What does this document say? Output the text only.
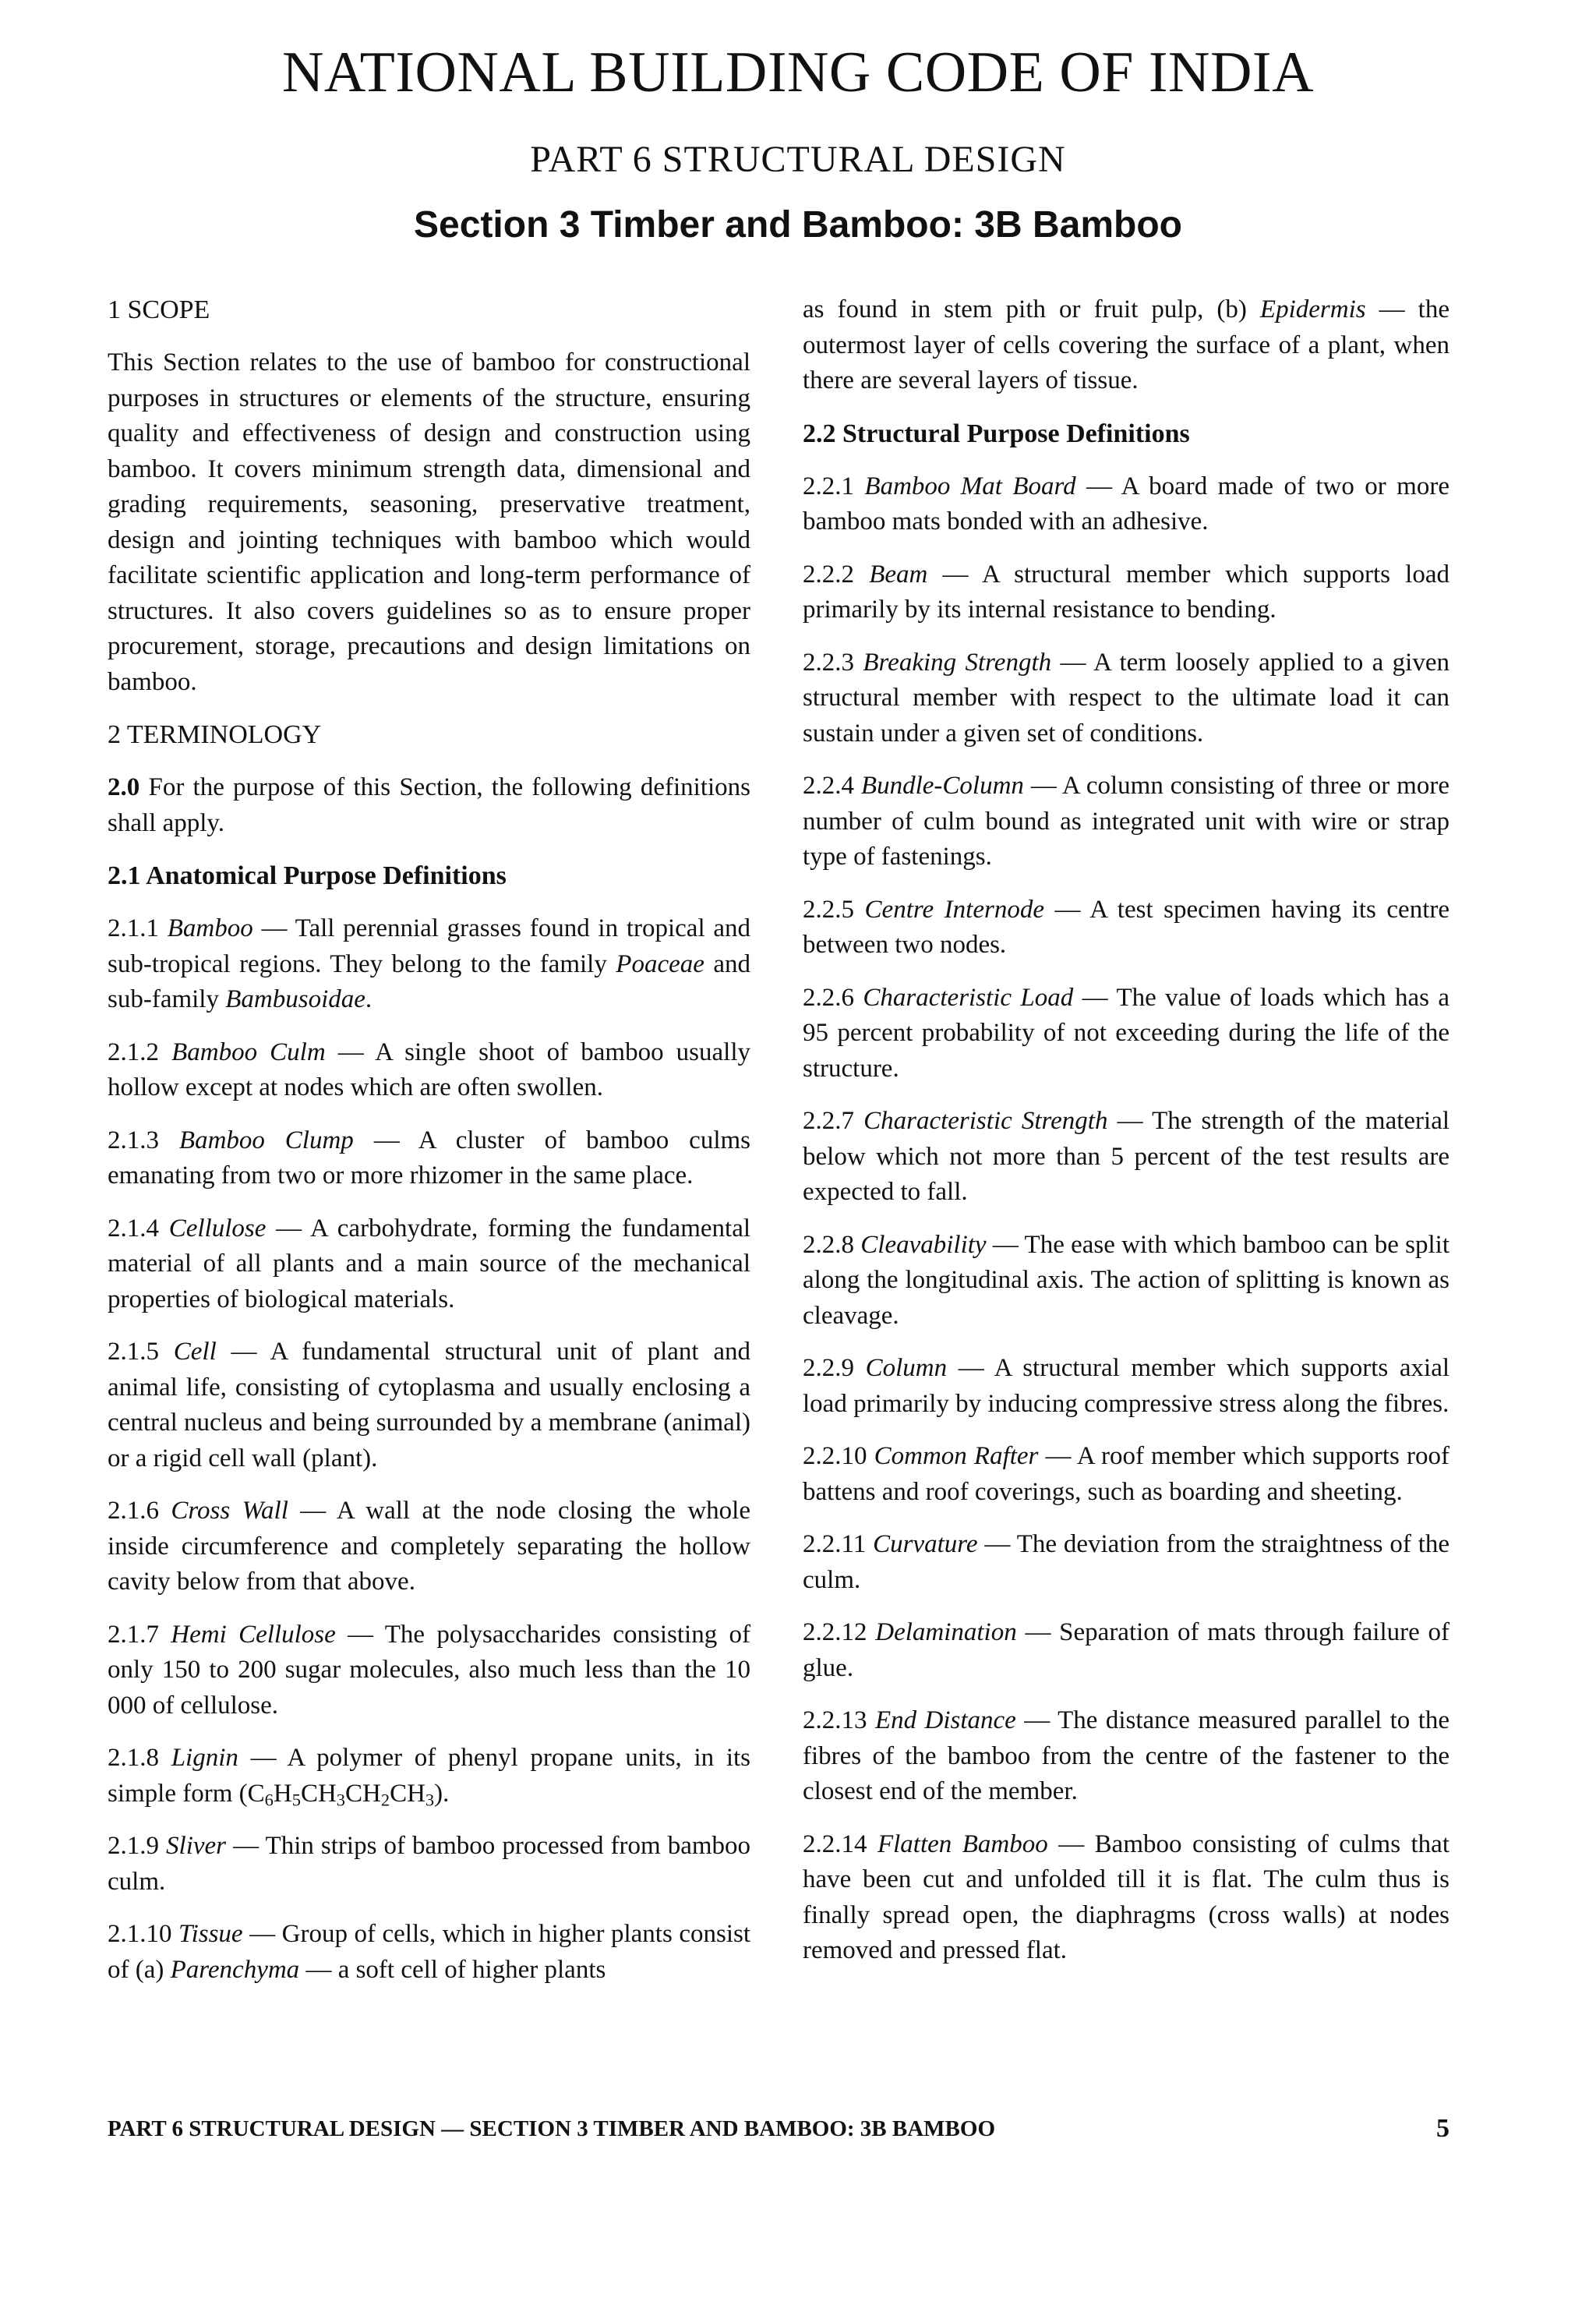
NATIONAL BUILDING CODE OF INDIA
PART 6 STRUCTURAL DESIGN
Section 3 Timber and Bamboo: 3B Bamboo
1 SCOPE

This Section relates to the use of bamboo for constructional purposes in structures or elements of the structure, ensuring quality and effectiveness of design and construction using bamboo. It covers minimum strength data, dimensional and grading requirements, seasoning, preservative treatment, design and jointing techniques with bamboo which would facilitate scientific application and long-term performance of structures. It also covers guidelines so as to ensure proper procurement, storage, precautions and design limitations on bamboo.

2 TERMINOLOGY

2.0 For the purpose of this Section, the following definitions shall apply.

2.1 Anatomical Purpose Definitions

2.1.1 Bamboo — Tall perennial grasses found in tropical and sub-tropical regions. They belong to the family Poaceae and sub-family Bambusoidae.

2.1.2 Bamboo Culm — A single shoot of bamboo usually hollow except at nodes which are often swollen.

2.1.3 Bamboo Clump — A cluster of bamboo culms emanating from two or more rhizomer in the same place.

2.1.4 Cellulose — A carbohydrate, forming the fundamental material of all plants and a main source of the mechanical properties of biological materials.

2.1.5 Cell — A fundamental structural unit of plant and animal life, consisting of cytoplasma and usually enclosing a central nucleus and being surrounded by a membrane (animal) or a rigid cell wall (plant).

2.1.6 Cross Wall — A wall at the node closing the whole inside circumference and completely separating the hollow cavity below from that above.

2.1.7 Hemi Cellulose — The polysaccharides consisting of only 150 to 200 sugar molecules, also much less than the 10 000 of cellulose.

2.1.8 Lignin — A polymer of phenyl propane units, in its simple form $(C_6H_5CH_3CH_2CH_3)$.

2.1.9 Sliver — Thin strips of bamboo processed from bamboo culm.

2.1.10 Tissue — Group of cells, which in higher plants consist of (a) Parenchyma — a soft cell of higher plants

as found in stem pith or fruit pulp, (b) Epidermis — the outermost layer of cells covering the surface of a plant, when there are several layers of tissue.

2.2 Structural Purpose Definitions

2.2.1 Bamboo Mat Board — A board made of two or more bamboo mats bonded with an adhesive.

2.2.2 Beam — A structural member which supports load primarily by its internal resistance to bending.

2.2.3 Breaking Strength — A term loosely applied to a given structural member with respect to the ultimate load it can sustain under a given set of conditions.

2.2.4 Bundle-Column — A column consisting of three or more number of culm bound as integrated unit with wire or strap type of fastenings.

2.2.5 Centre Internode — A test specimen having its centre between two nodes.

2.2.6 Characteristic Load — The value of loads which has a 95 percent probability of not exceeding during the life of the structure.

2.2.7 Characteristic Strength — The strength of the material below which not more than 5 percent of the test results are expected to fall.

2.2.8 Cleavability — The ease with which bamboo can be split along the longitudinal axis. The action of splitting is known as cleavage.

2.2.9 Column — A structural member which supports axial load primarily by inducing compressive stress along the fibres.

2.2.10 Common Rafter — A roof member which supports roof battens and roof coverings, such as boarding and sheeting.

2.2.11 Curvature — The deviation from the straightness of the culm.

2.2.12 Delamination — Separation of mats through failure of glue.

2.2.13 End Distance — The distance measured parallel to the fibres of the bamboo from the centre of the fastener to the closest end of the member.

2.2.14 Flatten Bamboo — Bamboo consisting of culms that have been cut and unfolded till it is flat. The culm thus is finally spread open, the diaphragms (cross walls) at nodes removed and pressed flat.

PART 6 STRUCTURAL DESIGN — SECTION 3 TIMBER AND BAMBOO: 3B BAMBOO	5
